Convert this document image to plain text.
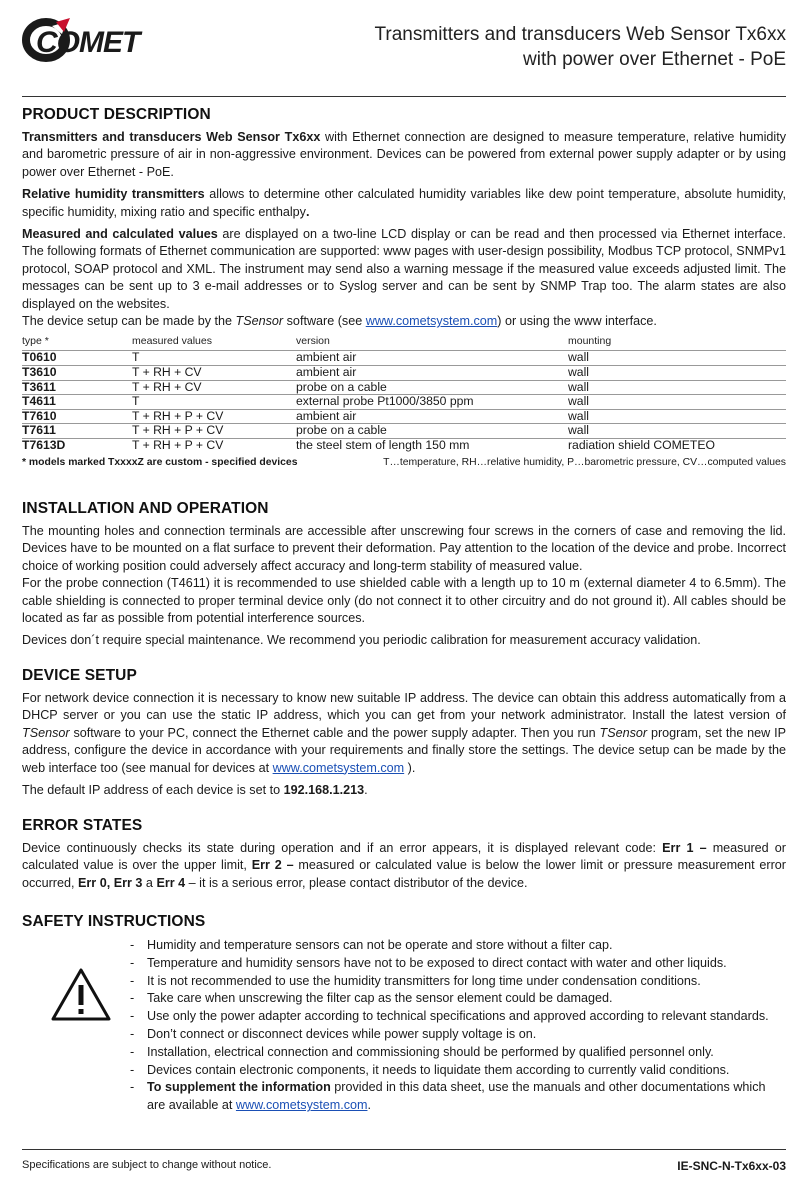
COMET	Transmitters and transducers Web Sensor Tx6xx
with power over Ethernet - PoE
PRODUCT DESCRIPTION

Transmitters and transducers Web Sensor Tx6xx with Ethernet connection are designed to measure temperature, relative humidity and barometric pressure of air in non-aggressive environment. Devices can be powered from external power supply adapter or by using power over Ethernet - PoE.

Relative humidity transmitters allows to determine other calculated humidity variables like dew point temperature, absolute humidity, specific humidity, mixing ratio and specific enthalpy.

Measured and calculated values are displayed on a two-line LCD display or can be read and then processed via Ethernet interface. The following formats of Ethernet communication are supported: www pages with user-design possibility, Modbus TCP protocol, SNMPv1 protocol, SOAP protocol and XML. The instrument may send also a warning message if the measured value exceeds adjusted limit. The messages can be sent up to 3 e-mail addresses or to Syslog server and can be sent by SNMP Trap too. The alarm states are also displayed on the websites.

The device setup can be made by the TSensor software (see www.cometsystem.com) or using the www interface.

type *	measured values	version	mounting
T0610	T	ambient air	wall
T3610	T + RH + CV	ambient air	wall
T3611	T + RH + CV	probe on a cable	wall
T4611	T	external probe Pt1000/3850 ppm	wall
T7610	T + RH + P + CV	ambient air	wall
T7611	T + RH + P + CV	probe on a cable	wall
T7613D	T + RH + P + CV	the steel stem of length 150 mm	radiation shield COMETEO
* models marked TxxxxZ are custom - specified devices	T…temperature, RH…relative humidity, P…barometric pressure, CV…computed values
INSTALLATION AND OPERATION

The mounting holes and connection terminals are accessible after unscrewing four screws in the corners of case and removing the lid. Devices have to be mounted on a flat surface to prevent their deformation. Pay attention to the location of the device and probe. Incorrect choice of working position could adversely affect accuracy and long-term stability of measured value.

For the probe connection (T4611) it is recommended to use shielded cable with a length up to 10 m (external diameter 4 to 6.5mm). The cable shielding is connected to proper terminal device only (do not connect it to other circuitry and do not ground it). All cables should be located as far as possible from potential interference sources.

Devices don´t require special maintenance. We recommend you periodic calibration for measurement accuracy validation.

DEVICE SETUP

For network device connection it is necessary to know new suitable IP address. The device can obtain this address automatically from a DHCP server or you can use the static IP address, which you can get from your network administrator. Install the latest version of TSensor software to your PC, connect the Ethernet cable and the power supply adapter. Then you run TSensor program, set the new IP address, configure the device in accordance with your requirements and finally store the settings. The device setup can be made by the web interface too (see manual for devices at www.cometsystem.com ).

The default IP address of each device is set to 192.168.1.213.

ERROR STATES

Device continuously checks its state during operation and if an error appears, it is displayed relevant code: Err 1 – measured or calculated value is over the upper limit, Err 2 – measured or calculated value is below the lower limit or pressure measurement error occurred, Err 0, Err 3 a Err 4 – it is a serious error, please contact distributor of the device.

SAFETY INSTRUCTIONS
- Humidity and temperature sensors can not be operate and store without a filter cap.
- Temperature and humidity sensors have not to be exposed to direct contact with water and other liquids.
- It is not recommended to use the humidity transmitters for long time under condensation conditions.
- Take care when unscrewing the filter cap as the sensor element could be damaged.
- Use only the power adapter according to technical specifications and approved according to relevant standards.
- Don’t connect or disconnect devices while power supply voltage is on.
- Installation, electrical connection and commissioning should be performed by qualified personnel only.
- Devices contain electronic components, it needs to liquidate them according to currently valid conditions.
- To supplement the information provided in this data sheet, use the manuals and other documentations which are available at www.cometsystem.com.
Specifications are subject to change without notice.	IE-SNC-N-Tx6xx-03
